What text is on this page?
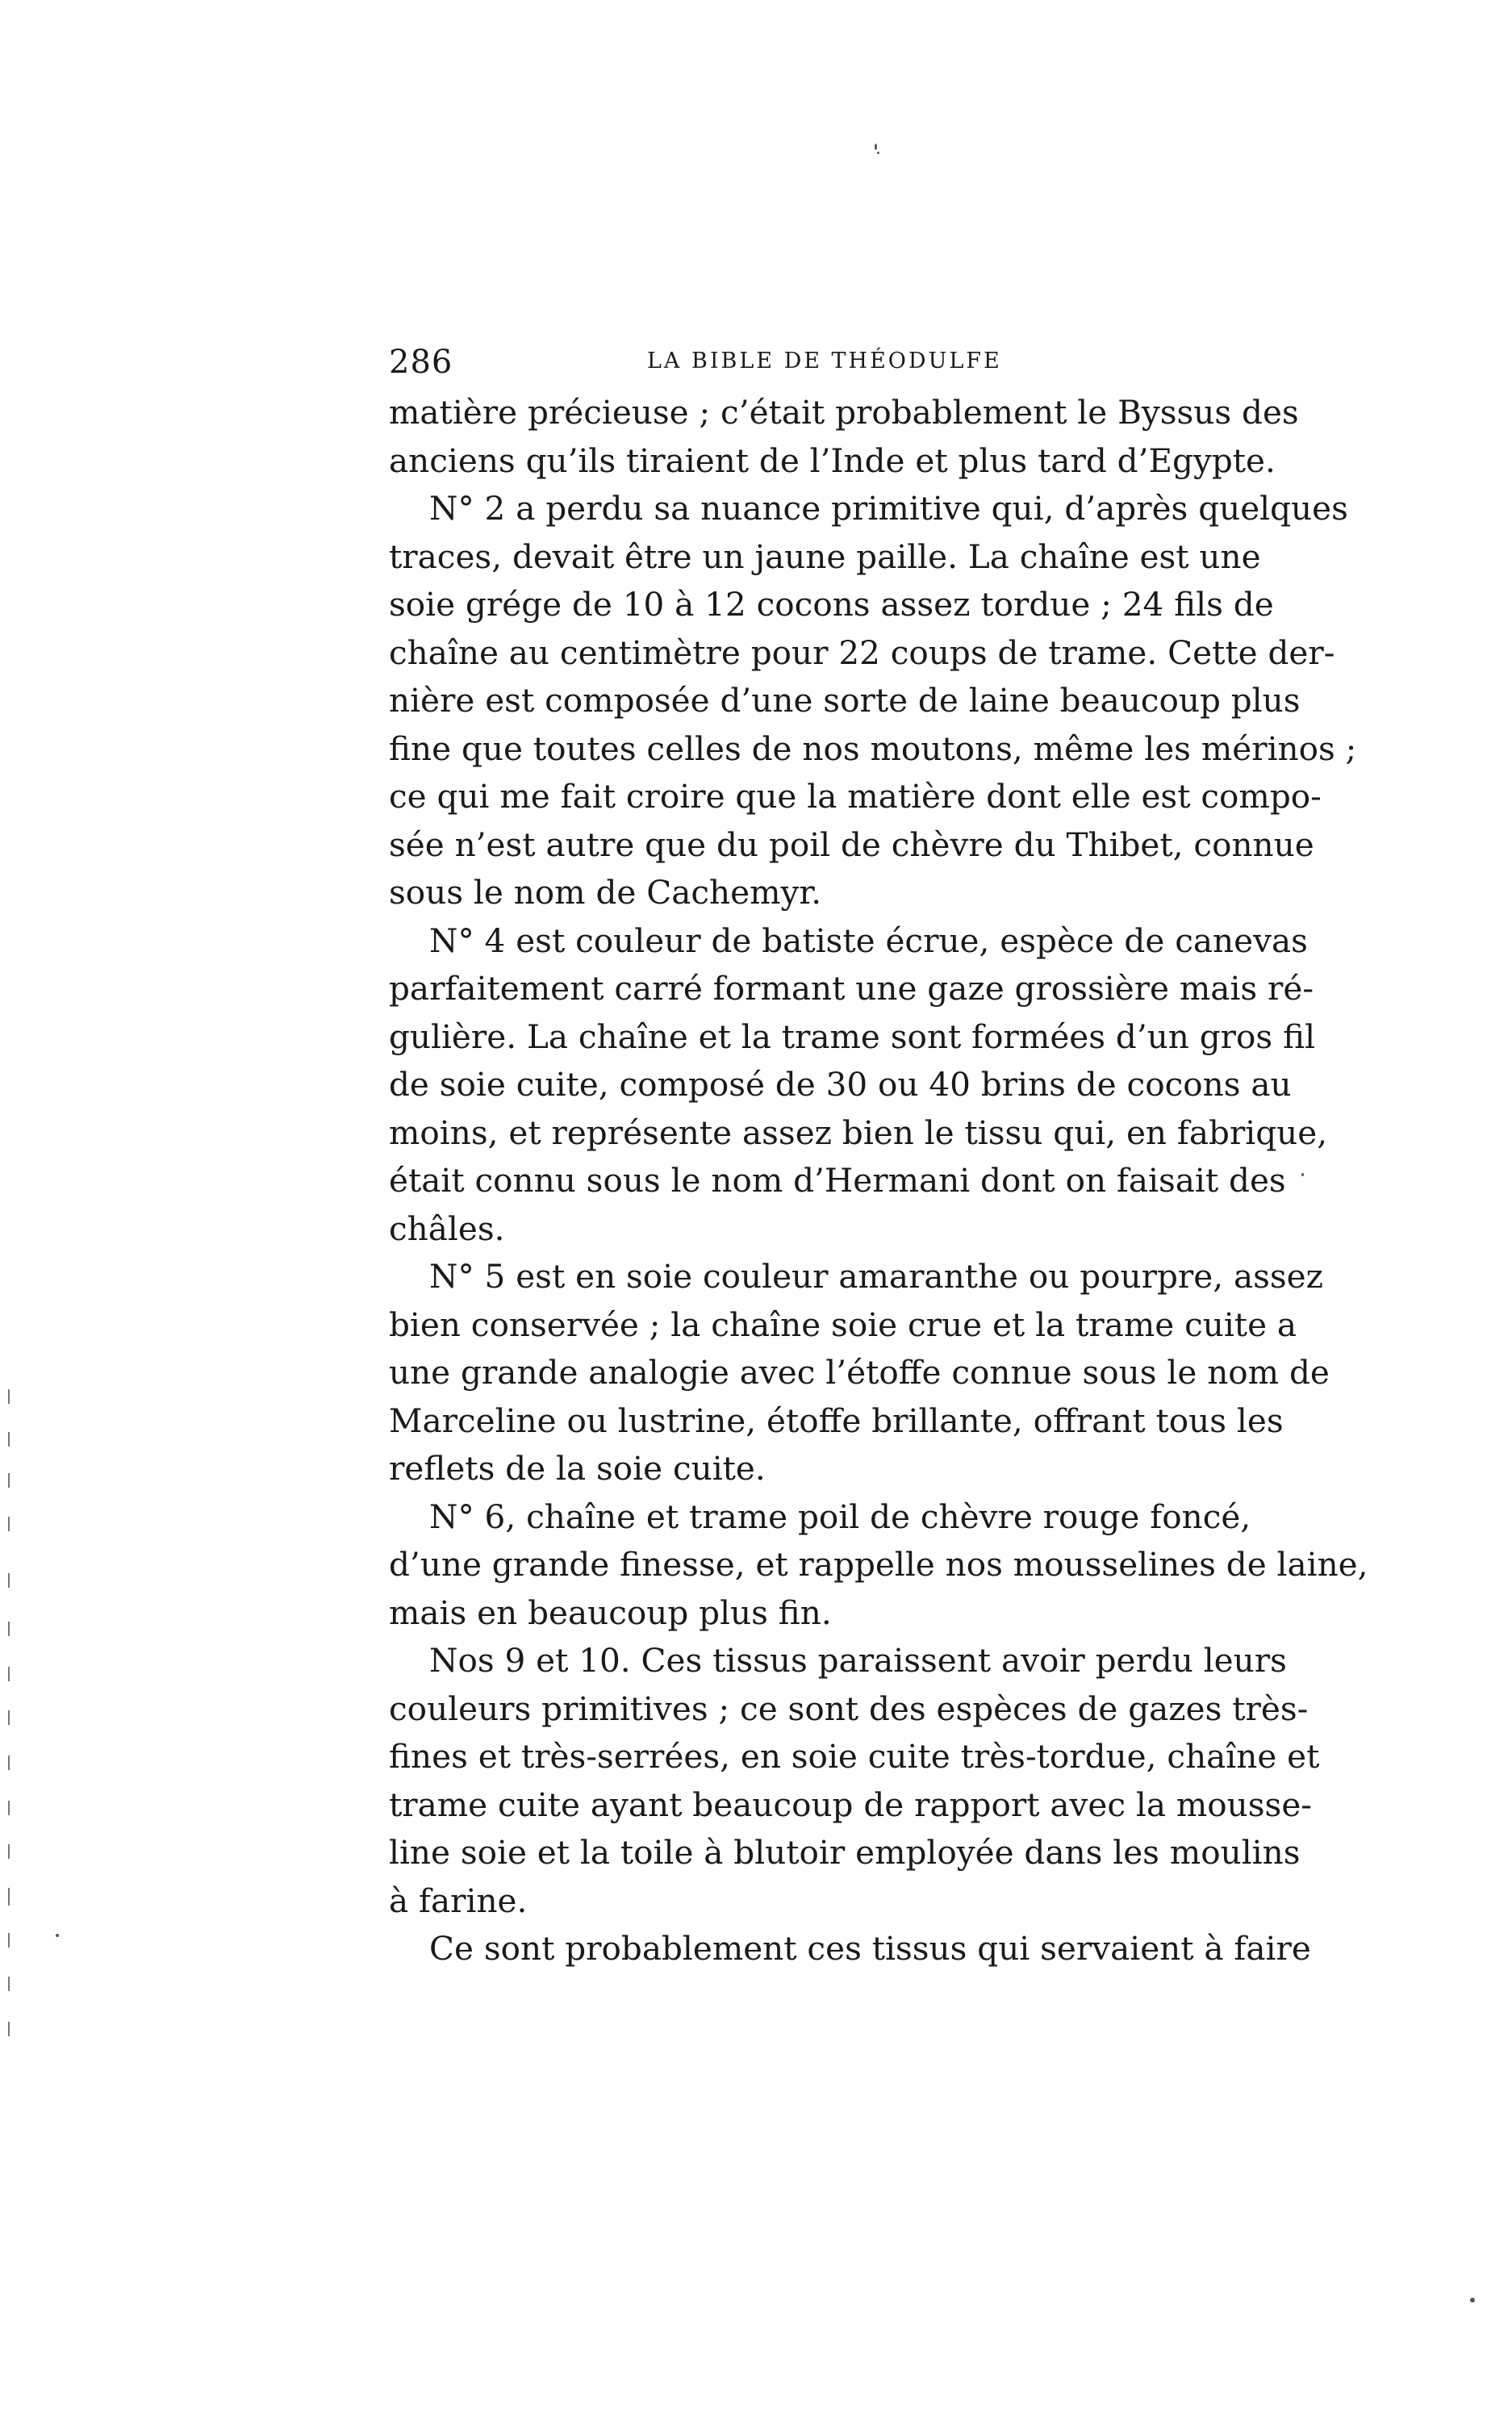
286	LA BIBLE DE THÉODULFE
matière précieuse ; c’était probablement le Byssus des
anciens qu’ils tiraient de l’Inde et plus tard d’Egypte.
N° 2 a perdu sa nuance primitive qui, d’après quelques
traces, devait être un jaune paille. La chaîne est une
soie grége de 10 à 12 cocons assez tordue ; 24 fils de
chaîne au centimètre pour 22 coups de trame. Cette der-
nière est composée d’une sorte de laine beaucoup plus
fine que toutes celles de nos moutons, même les mérinos ;
ce qui me fait croire que la matière dont elle est compo-
sée n’est autre que du poil de chèvre du Thibet, connue
sous le nom de Cachemyr.
N° 4 est couleur de batiste écrue, espèce de canevas
parfaitement carré formant une gaze grossière mais ré-
gulière. La chaîne et la trame sont formées d’un gros fil
de soie cuite, composé de 30 ou 40 brins de cocons au
moins, et représente assez bien le tissu qui, en fabrique,
était connu sous le nom d’Hermani dont on faisait des
châles.
N° 5 est en soie couleur amaranthe ou pourpre, assez
bien conservée ; la chaîne soie crue et la trame cuite a
une grande analogie avec l’étoffe connue sous le nom de
Marceline ou lustrine, étoffe brillante, offrant tous les
reflets de la soie cuite.
N° 6, chaîne et trame poil de chèvre rouge foncé,
d’une grande finesse, et rappelle nos mousselines de laine,
mais en beaucoup plus fin.
Nos 9 et 10. Ces tissus paraissent avoir perdu leurs
couleurs primitives ; ce sont des espèces de gazes très-
fines et très-serrées, en soie cuite très-tordue, chaîne et
trame cuite ayant beaucoup de rapport avec la mousse-
line soie et la toile à blutoir employée dans les moulins
à farine.
Ce sont probablement ces tissus qui servaient à faire
